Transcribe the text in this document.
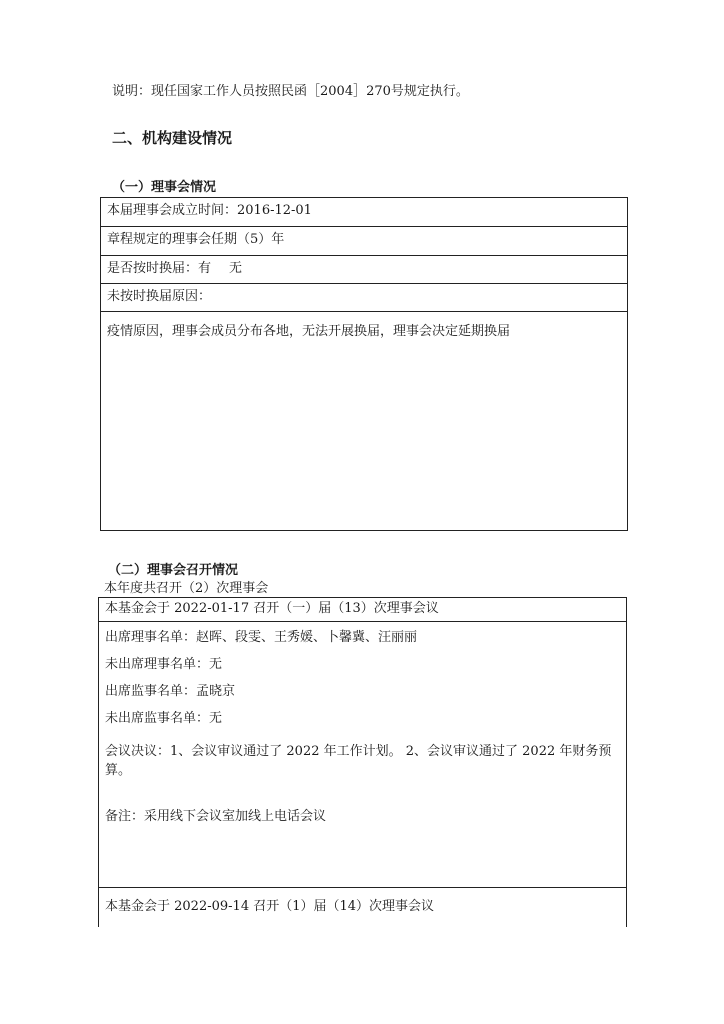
说明：现任国家工作人员按照民函［2004］270号规定执行。
二、机构建设情况
（一）理事会情况
本届理事会成立时间：2016-12-01
章程规定的理事会任期（5）年
是否按时换届：有 无
未按时换届原因：
疫情原因，理事会成员分布各地，无法开展换届，理事会决定延期换届
（二）理事会召开情况
本年度共召开（2）次理事会
本基金会于 2022-01-17 召开（一）届（13）次理事会议
出席理事名单：赵晖、段雯、王秀媛、卜馨冀、汪丽丽
未出席理事名单：无
出席监事名单：孟晓京
未出席监事名单：无
会议决议：1、会议审议通过了 2022 年工作计划。 2、会议审议通过了 2022 年财务预算。
备注：采用线下会议室加线上电话会议
本基金会于 2022-09-14 召开（1）届（14）次理事会议
